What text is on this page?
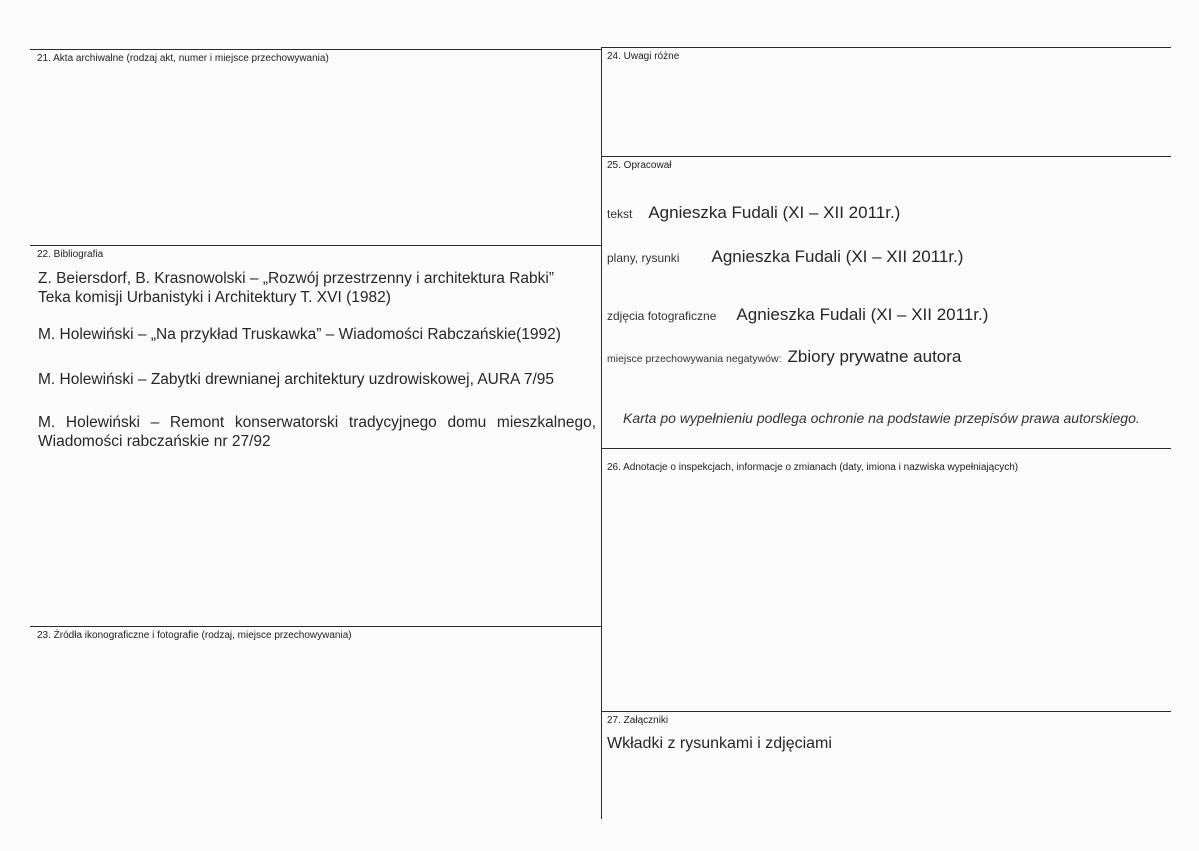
21. Akta archiwalne (rodzaj akt, numer i miejsce przechowywania)
22. Bibliografia
Z. Beiersdorf, B. Krasnowolski – „Rozwój przestrzenny i architektura Rabki”
Teka komisji Urbanistyki i Architektury T. XVI (1982)
M. Holewiński – „Na przykład Truskawka” – Wiadomości Rabczańskie(1992)
M. Holewiński – Zabytki drewnianej architektury uzdrowiskowej, AURA 7/95
M. Holewiński – Remont konserwatorski tradycyjnego domu mieszkalnego,
Wiadomości rabczańskie nr 27/92
23. Źródła ikonograficzne i fotografie (rodzaj, miejsce przechowywania)
24. Uwagi różne
25. Opracował
tekst Agnieszka Fudali (XI – XII 2011r.)
plany, rysunki Agnieszka Fudali (XI – XII 2011r.)
zdjęcia fotograficzne Agnieszka Fudali (XI – XII 2011r.)
miejsce przechowywania negatywów: Zbiory prywatne autora
Karta po wypełnieniu podlega ochronie na podstawie przepisów prawa autorskiego.
26. Adnotacje o inspekcjach, informacje o zmianach (daty, imiona i nazwiska wypełniających)
27. Załączniki
Wkładki z rysunkami i zdjęciami
